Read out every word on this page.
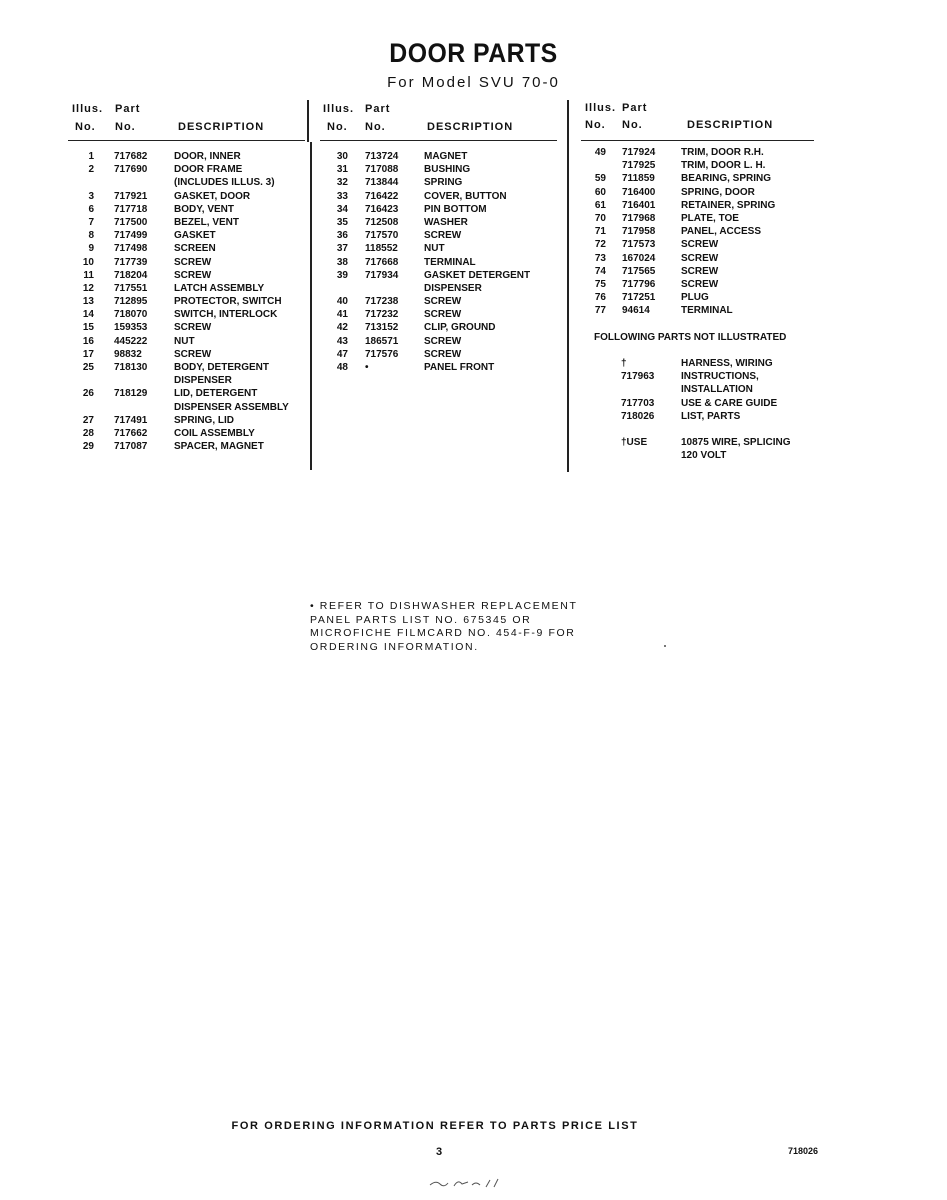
DOOR PARTS
For Model SVU 70-0
Illus. Part
No. No.	DESCRIPTION
1 717682	DOOR, INNER
2 717690	DOOR FRAME
(INCLUDES ILLUS. 3)
3 717921	GASKET, DOOR
6 717718	BODY, VENT
7 717500	BEZEL, VENT
8 717499	GASKET
9 717498	SCREEN
10 717739	SCREW
11 718204	SCREW
12 717551	LATCH ASSEMBLY
13 712895	PROTECTOR, SWITCH
14 718070	SWITCH, INTERLOCK
15 159353	SCREW
16 445222	NUT
17 98832	SCREW
25 718130	BODY, DETERGENT
DISPENSER
26 718129	LID, DETERGENT
DISPENSER ASSEMBLY
27 717491	SPRING, LID
28 717662	COIL ASSEMBLY
29 717087	SPACER, MAGNET
Illus. Part
No. No.	DESCRIPTION
30 713724	MAGNET
31 717088	BUSHING
32 713844	SPRING
33 716422	COVER, BUTTON
34 716423	PIN BOTTOM
35 712508	WASHER
36 717570	SCREW
37 118552	NUT
38 717668	TERMINAL
39 717934	GASKET DETERGENT
DISPENSER
40 717238	SCREW
41 717232	SCREW
42 713152	CLIP, GROUND
43 186571	SCREW
47 717576	SCREW
48 •	PANEL FRONT
Illus. Part
No. No.	DESCRIPTION
49 717924	TRIM, DOOR R.H.
717925	TRIM, DOOR L. H.
59 711859	BEARING, SPRING
60 716400	SPRING, DOOR
61 716401	RETAINER, SPRING
70 717968	PLATE, TOE
71 717958	PANEL, ACCESS
72 717573	SCREW
73 167024	SCREW
74 717565	SCREW
75 717796	SCREW
76 717251	PLUG
77 94614	TERMINAL
FOLLOWING PARTS NOT ILLUSTRATED
†	HARNESS, WIRING
717963	INSTRUCTIONS,
INSTALLATION
717703	USE & CARE GUIDE
718026	LIST, PARTS
†USE	10875 WIRE, SPLICING
120 VOLT
• REFER TO DISHWASHER REPLACEMENT
PANEL PARTS LIST NO. 675345 OR
MICROFICHE FILMCARD NO. 454-F-9 FOR
ORDERING INFORMATION.
FOR ORDERING INFORMATION REFER TO PARTS PRICE LIST
3	718026
